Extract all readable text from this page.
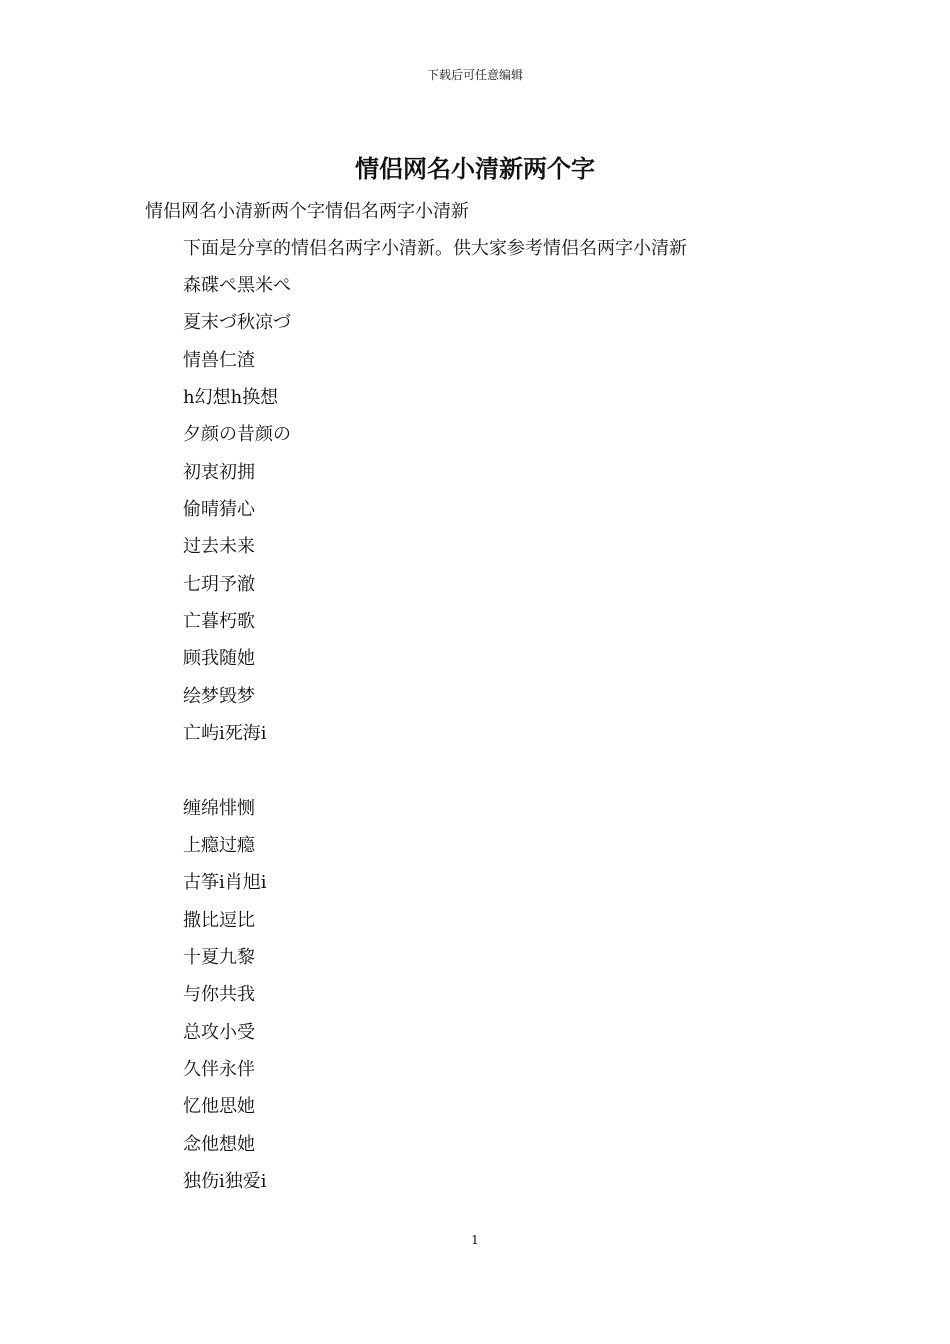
下载后可任意编辑
情侣网名小清新两个字
情侣网名小清新两个字情侣名两字小清新
下面是分享的情侣名两字小清新。供大家参考情侣名两字小清新
森碟ぺ黑米ぺ
夏末づ秋凉づ
情兽仁渣
h幻想h换想
夕颜の昔颜の
初衷初拥
偷晴猜心
过去未来
七玥予澈
亡暮朽歌
顾我随她
绘梦毁梦
亡屿i死海i
缠绵悱恻
上瘾过瘾
古筝i肖旭i
撒比逗比
十夏九黎
与你共我
总攻小受
久伴永伴
忆他思她
念他想她
独伤i独爱i
1
